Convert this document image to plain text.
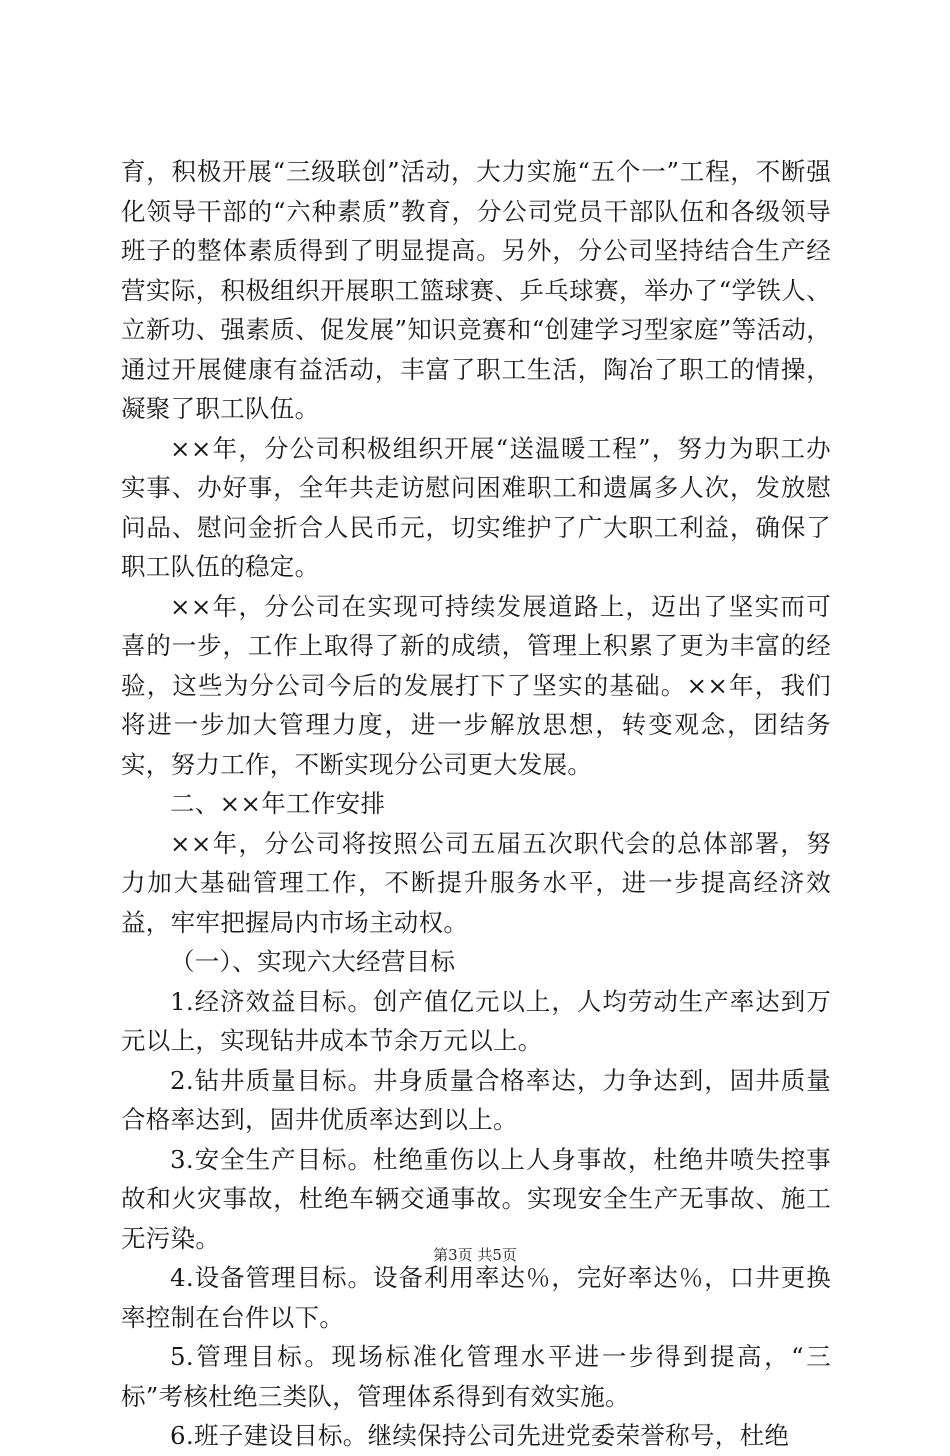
育，积极开展“三级联创”活动，大力实施“五个一”工程，不断强化领导干部的“六种素质”教育，分公司党员干部队伍和各级领导班子的整体素质得到了明显提高。另外，分公司坚持结合生产经营实际，积极组织开展职工篮球赛、乒乓球赛，举办了“学铁人、立新功、强素质、促发展”知识竞赛和“创建学习型家庭”等活动，通过开展健康有益活动，丰富了职工生活，陶冶了职工的情操，凝聚了职工队伍。

××年，分公司积极组织开展“送温暖工程”，努力为职工办实事、办好事，全年共走访慰问困难职工和遗属多人次，发放慰问品、慰问金折合人民币元，切实维护了广大职工利益，确保了职工队伍的稳定。

××年，分公司在实现可持续发展道路上，迈出了坚实而可喜的一步，工作上取得了新的成绩，管理上积累了更为丰富的经验，这些为分公司今后的发展打下了坚实的基础。××年，我们将进一步加大管理力度，进一步解放思想，转变观念，团结务实，努力工作，不断实现分公司更大发展。

二、××年工作安排

××年，分公司将按照公司五届五次职代会的总体部署，努力加大基础管理工作，不断提升服务水平，进一步提高经济效益，牢牢把握局内市场主动权。

（一）、实现六大经营目标

1.经济效益目标。创产值亿元以上，人均劳动生产率达到万元以上，实现钻井成本节余万元以上。

2.钻井质量目标。井身质量合格率达，力争达到，固井质量合格率达到，固井优质率达到以上。

3.安全生产目标。杜绝重伤以上人身事故，杜绝井喷失控事故和火灾事故，杜绝车辆交通事故。实现安全生产无事故、施工无污染。

4.设备管理目标。设备利用率达％，完好率达％，口井更换率控制在台件以下。

5.管理目标。现场标准化管理水平进一步得到提高，“三标”考核杜绝三类队，管理体系得到有效实施。

6.班子建设目标。继续保持公司先进党委荣誉称号，杜绝

第3页 共5页
